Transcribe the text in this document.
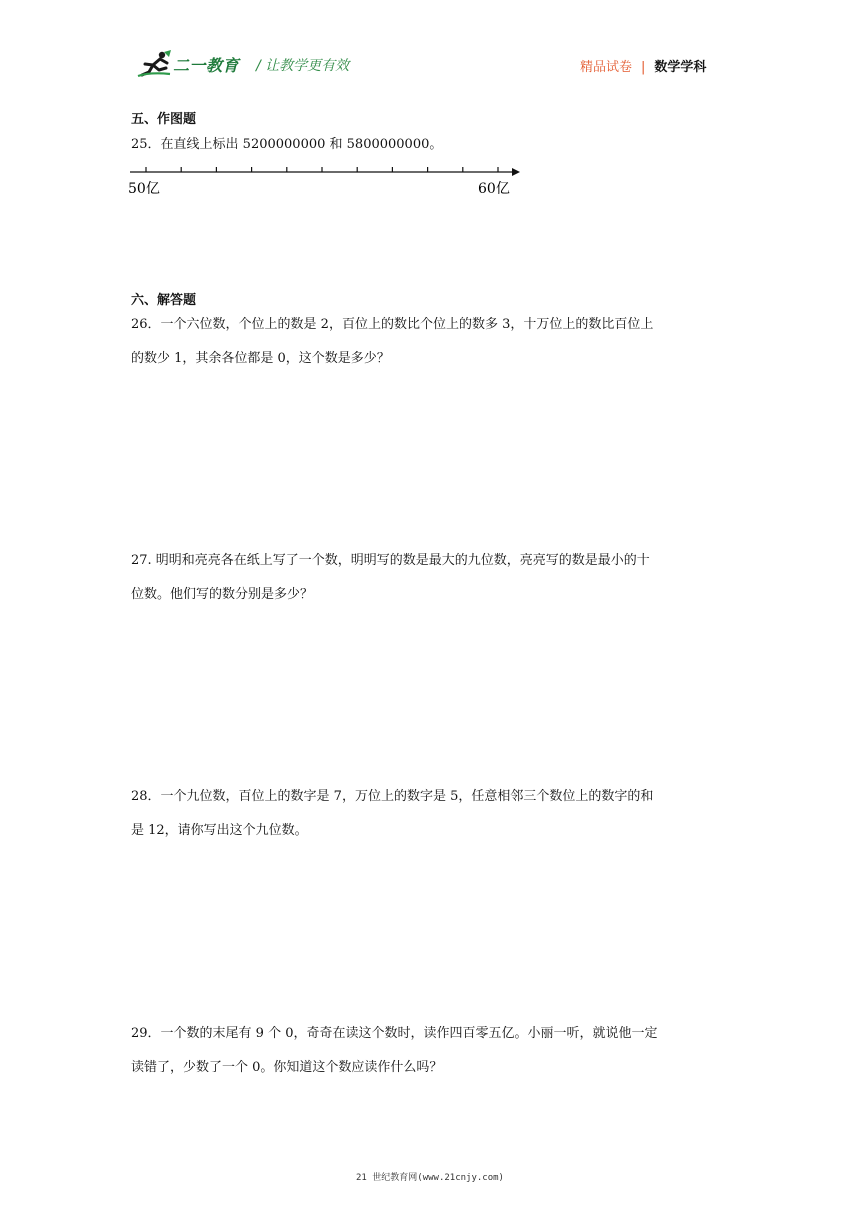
二一教育 / 让教学更有效	精品试卷 | 数学学科
五、作图题
25．在直线上标出 5200000000 和 5800000000。
50亿	60亿
六、解答题
26．一个六位数，个位上的数是 2，百位上的数比个位上的数多 3，十万位上的数比百位上
的数少 1，其余各位都是 0，这个数是多少？
27. 明明和亮亮各在纸上写了一个数，明明写的数是最大的九位数，亮亮写的数是最小的十
位数。他们写的数分别是多少？
28．一个九位数，百位上的数字是 7，万位上的数字是 5，任意相邻三个数位上的数字的和
是 12，请你写出这个九位数。
29．一个数的末尾有 9 个 0，奇奇在读这个数时，读作四百零五亿。小丽一听，就说他一定
读错了，少数了一个 0。你知道这个数应读作什么吗？
21 世纪教育网(www.21cnjy.com)
